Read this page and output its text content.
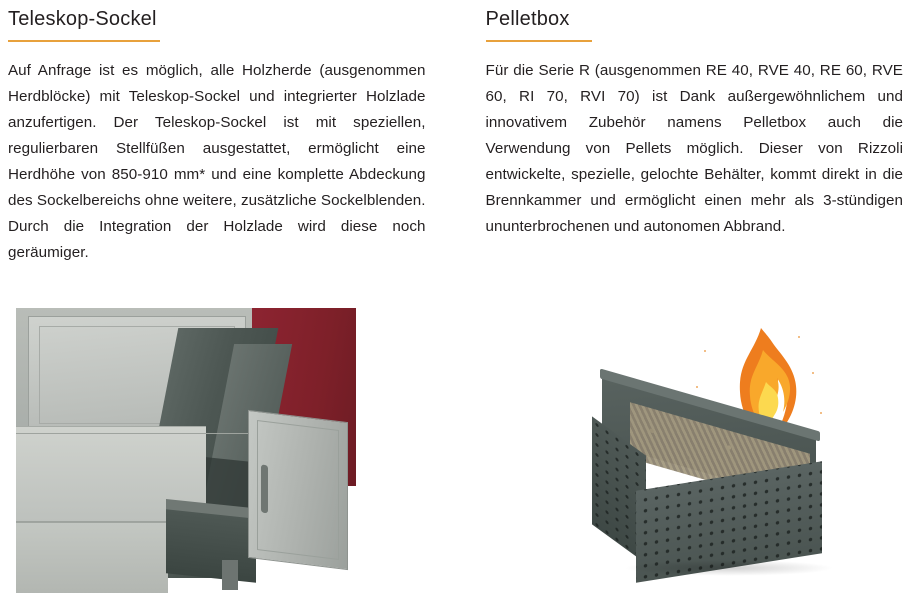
Teleskop-Sockel

Auf Anfrage ist es möglich, alle Holzherde (ausgenommen Herdblöcke) mit Teleskop-Sockel und integrierter Holzlade anzufertigen. Der Teleskop-Sockel ist mit speziellen, regulierbaren Stellfüßen ausgestattet, ermöglicht eine Herdhöhe von 850-910 mm* und eine komplette Abdeckung des Sockelbereichs ohne weitere, zusätzliche Sockelblenden. Durch die Integration der Holzlade wird diese noch geräumiger.

Pelletbox

Für die Serie R (ausgenommen RE 40, RVE 40, RE 60, RVE 60, RI 70, RVI 70) ist Dank außergewöhnlichem und innovativem Zubehör namens Pelletbox auch die Verwendung von Pellets möglich. Dieser von Rizzoli entwickelte, spezielle, gelochte Behälter, kommt direkt in die Brennkammer und ermöglicht einen mehr als 3-stündigen ununterbrochenen und autonomen Abbrand.
